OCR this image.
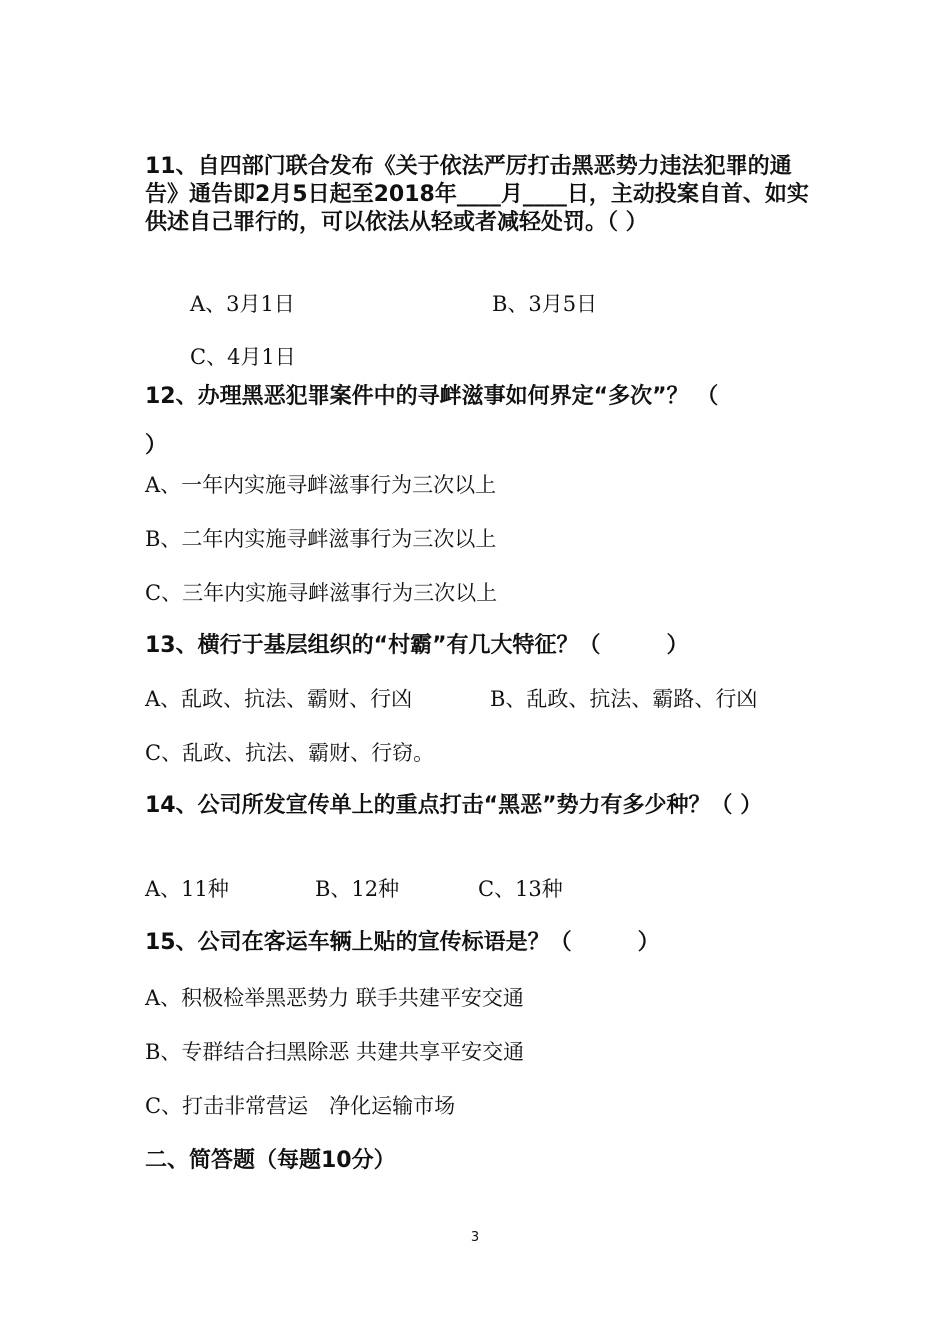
11、自四部门联合发布《关于依法严厉打击黑恶势力违法犯罪的通告》通告即2月5日起至2018年____月____日，主动投案自首、如实供述自己罪行的，可以依法从轻或者减轻处罚。（ ）
A、3月1日	B、3月5日
C、4月1日
12、办理黑恶犯罪案件中的寻衅滋事如何界定“多次”？ （
）
A、一年内实施寻衅滋事行为三次以上
B、二年内实施寻衅滋事行为三次以上
C、三年内实施寻衅滋事行为三次以上
13、横行于基层组织的“村霸”有几大特征？（　　　）
A、乱政、抗法、霸财、行凶	B、乱政、抗法、霸路、行凶
C、乱政、抗法、霸财、行窃。
14、公司所发宣传单上的重点打击“黑恶”势力有多少种？（ ）
A、11种	B、12种	C、13种
15、公司在客运车辆上贴的宣传标语是？（　　　）
A、积极检举黑恶势力 联手共建平安交通
B、专群结合扫黑除恶 共建共享平安交通
C、打击非常营运　净化运输市场
二、简答题（每题10分）
3
